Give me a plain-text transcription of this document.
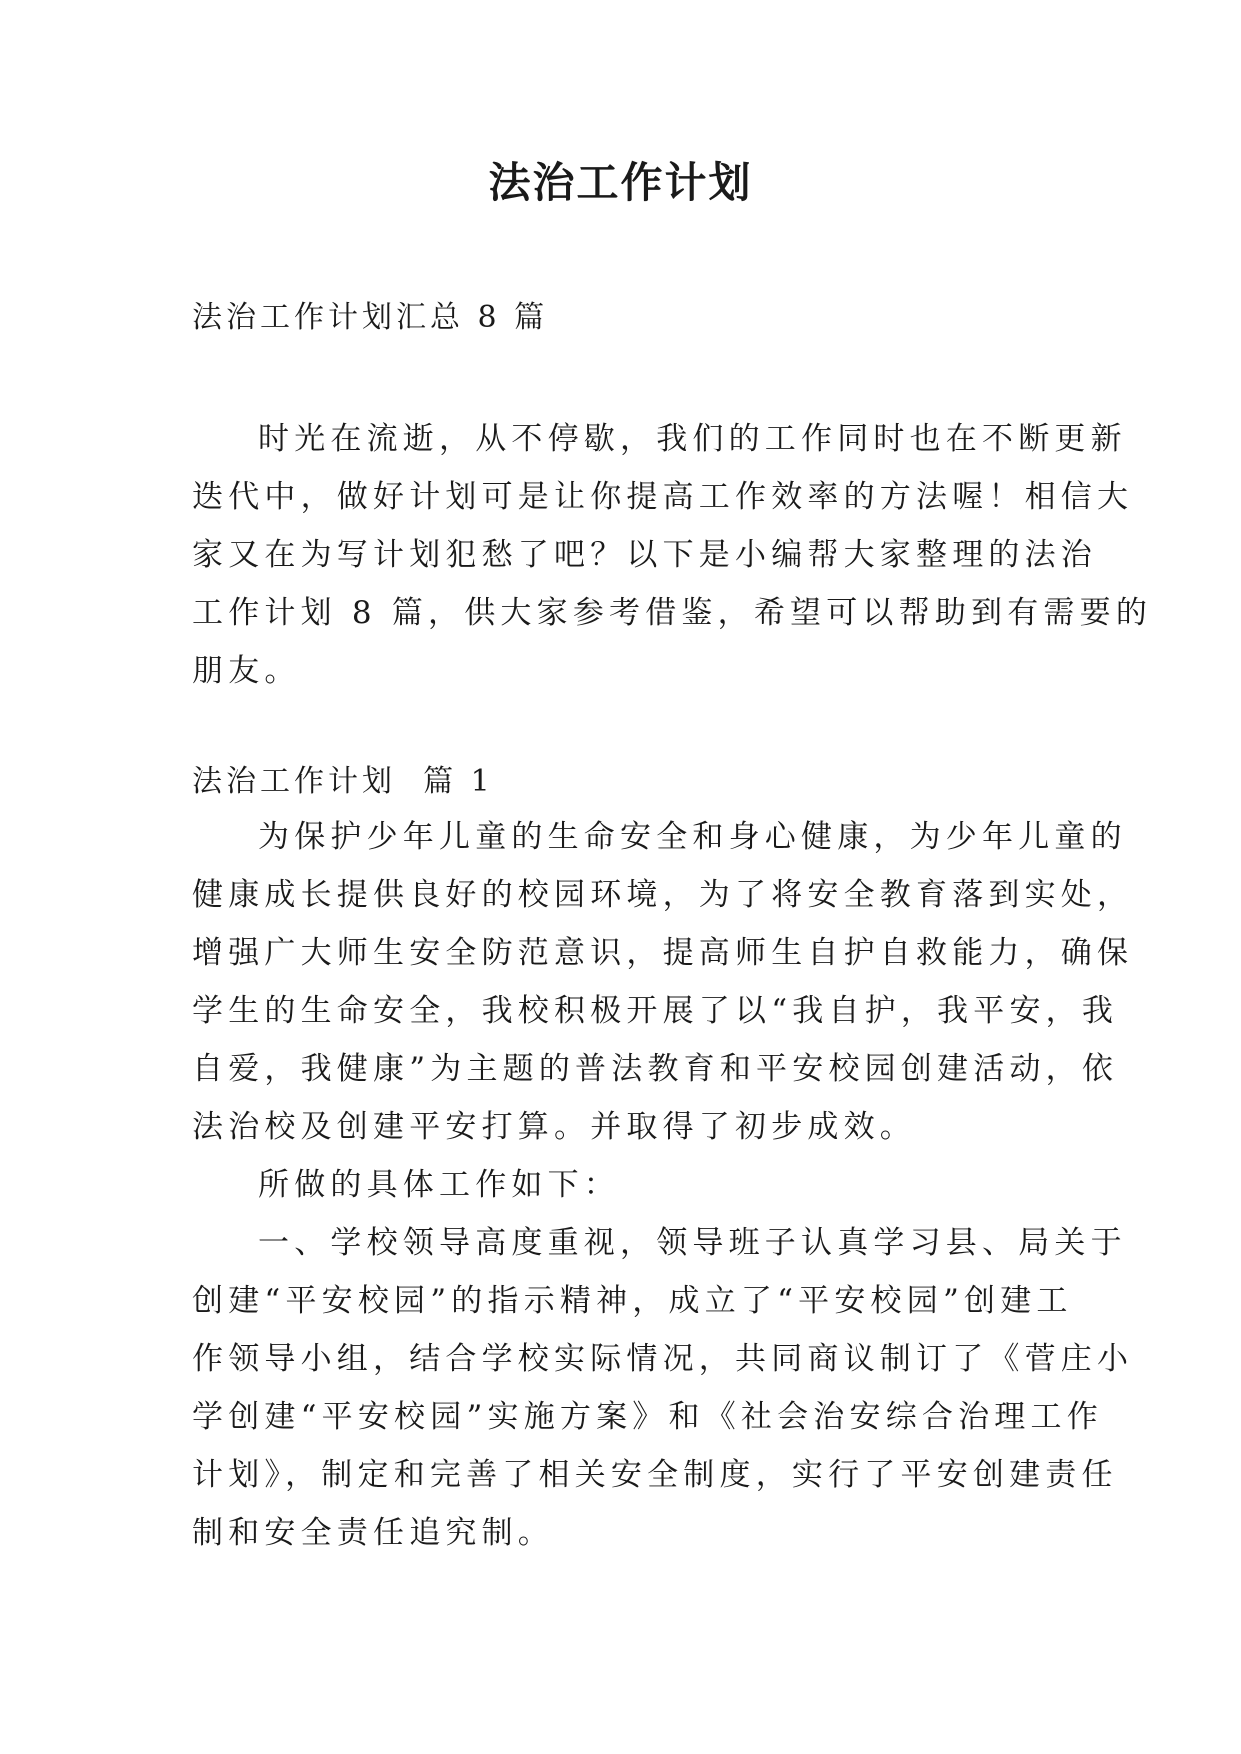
法治工作计划
法治工作计划汇总 8 篇
时光在流逝，从不停歇，我们的工作同时也在不断更新
迭代中，做好计划可是让你提高工作效率的方法喔！相信大
家又在为写计划犯愁了吧？以下是小编帮大家整理的法治
工作计划 8 篇，供大家参考借鉴，希望可以帮助到有需要的
朋友。
法治工作计划  篇 1
为保护少年儿童的生命安全和身心健康，为少年儿童的
健康成长提供良好的校园环境，为了将安全教育落到实处，
增强广大师生安全防范意识，提高师生自护自救能力，确保
学生的生命安全，我校积极开展了以“我自护，我平安，我
自爱，我健康”为主题的普法教育和平安校园创建活动，依
法治校及创建平安打算。并取得了初步成效。
所做的具体工作如下：
一、学校领导高度重视，领导班子认真学习县、局关于
创建“平安校园”的指示精神，成立了“平安校园”创建工
作领导小组，结合学校实际情况，共同商议制订了《菅庄小
学创建“平安校园”实施方案》和《社会治安综合治理工作
计划》，制定和完善了相关安全制度，实行了平安创建责任
制和安全责任追究制。
